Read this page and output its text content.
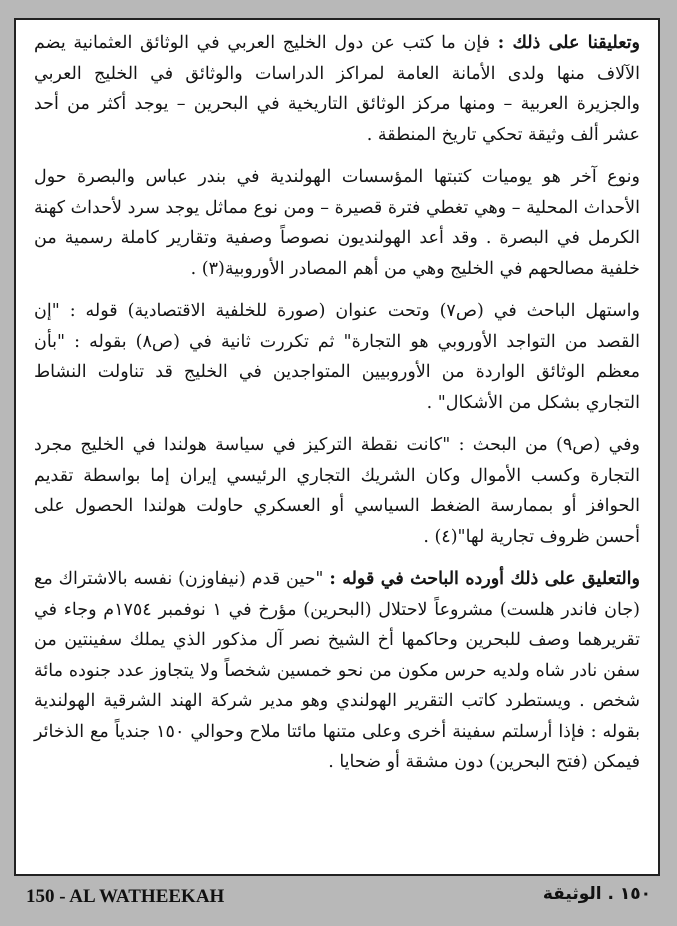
وتعليقنا على ذلك : فإن ما كتب عن دول الخليج العربي في الوثائق العثمانية يضم الآلاف منها ولدى الأمانة العامة لمراكز الدراسات والوثائق في الخليج العربي والجزيرة العربية – ومنها مركز الوثائق التاريخية في البحرين – يوجد أكثر من أحد عشر ألف وثيقة تحكي تاريخ المنطقة .

ونوع آخر هو يوميات كتبتها المؤسسات الهولندية في بندر عباس والبصرة حول الأحداث المحلية – وهي تغطي فترة قصيرة – ومن نوع مماثل يوجد سرد لأحداث كهنة الكرمل في البصرة . وقد أعد الهولنديون نصوصاً وصفية وتقارير كاملة رسمية من خلفية مصالحهم في الخليج وهي من أهم المصادر الأوروبية(٣) .

واستهل الباحث في (ص٧) وتحت عنوان (صورة للخلفية الاقتصادية) قوله : "إن القصد من التواجد الأوروبي هو التجارة" ثم تكررت ثانية في (ص٨) بقوله : "بأن معظم الوثائق الواردة من الأوروبيين المتواجدين في الخليج قد تناولت النشاط التجاري بشكل من الأشكال" .

وفي (ص٩) من البحث : "كانت نقطة التركيز في سياسة هولندا في الخليج مجرد التجارة وكسب الأموال وكان الشريك التجاري الرئيسي إيران إما بواسطة تقديم الحوافز أو بممارسة الضغط السياسي أو العسكري حاولت هولندا الحصول على أحسن ظروف تجارية لها"(٤) .

والتعليق على ذلك أورده الباحث في قوله : "حين قدم (نيفاوزن) نفسه بالاشتراك مع (جان فاندر هلست) مشروعاً لاحتلال (البحرين) مؤرخ في ١ نوفمبر ١٧٥٤م وجاء في تقريرهما وصف للبحرين وحاكمها أخ الشيخ نصر آل مذكور الذي يملك سفينتين من سفن نادر شاه ولديه حرس مكون من نحو خمسين شخصاً ولا يتجاوز عدد جنوده مائة شخص . ويستطرد كاتب التقرير الهولندي وهو مدير شركة الهند الشرقية الهولندية بقوله : فإذا أرسلتم سفينة أخرى وعلى متنها مائتا ملاح وحوالي ١٥٠ جندياً مع الذخائر فيمكن (فتح البحرين) دون مشقة أو ضحايا .

150 - AL WATHEEKAH	١٥٠ . الوثيقة
